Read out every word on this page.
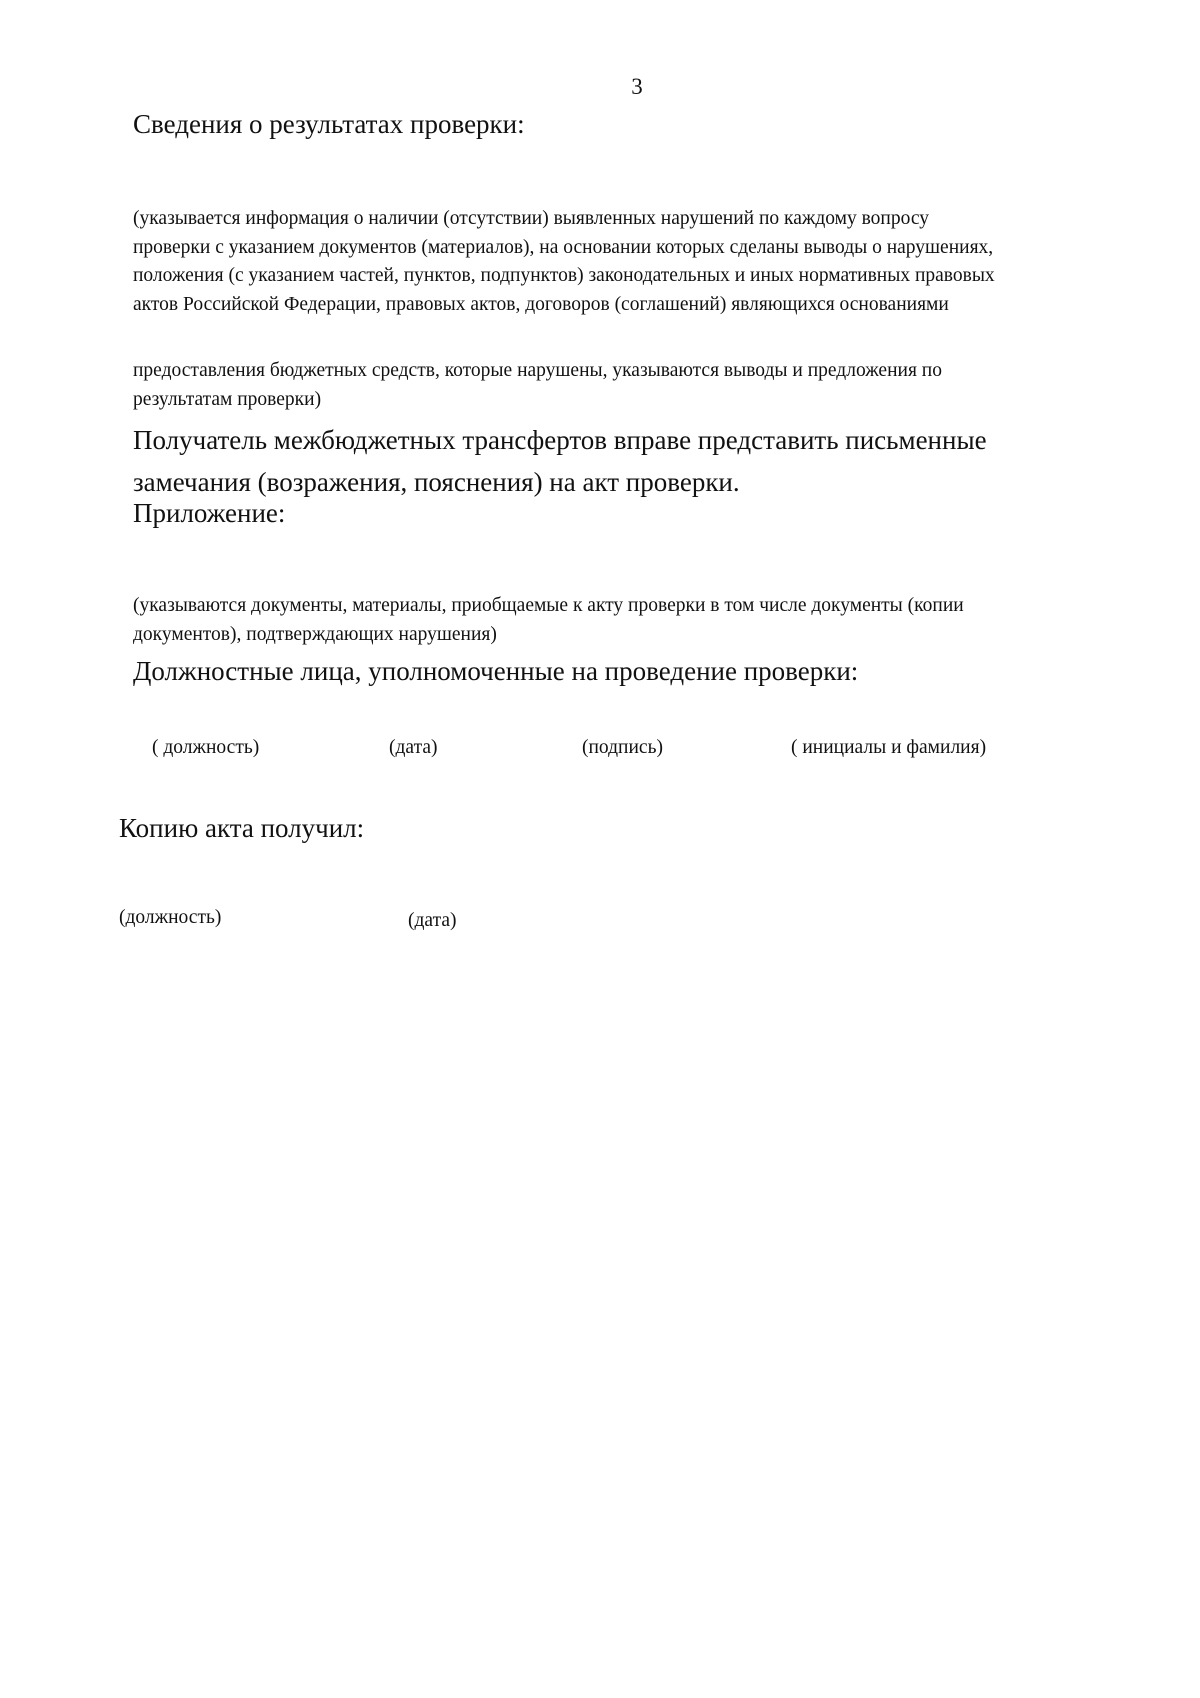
3
Сведения о результатах проверки:
(указывается информация о наличии (отсутствии) выявленных нарушений по каждому вопросу
проверки с указанием документов (материалов), на основании которых сделаны выводы о нарушениях,
положения (с указанием частей, пунктов, подпунктов) законодательных и иных нормативных правовых
актов Российской Федерации, правовых актов, договоров (соглашений) являющихся основаниями
предоставления бюджетных средств, которые нарушены, указываются выводы и предложения по
результатам проверки)
Получатель межбюджетных трансфертов вправе представить письменные
замечания (возражения, пояснения) на акт проверки.
Приложение:
(указываются документы, материалы, приобщаемые к акту проверки в том числе документы (копии
документов), подтверждающих нарушения)
Должностные лица, уполномоченные на проведение проверки:
( должность)	(дата)	(подпись)	( инициалы и фамилия)
Копию акта получил:
(должность)	(дата)
